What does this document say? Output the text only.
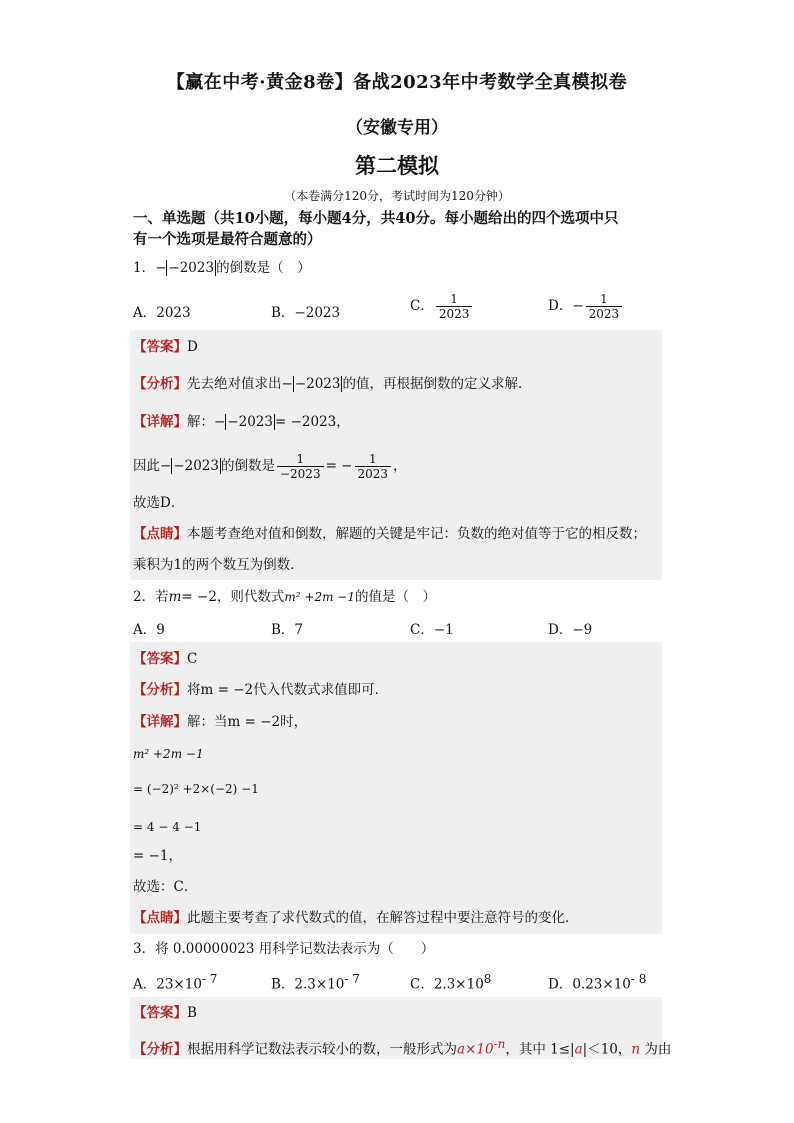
【赢在中考·黄金8卷】备战2023年中考数学全真模拟卷
（安徽专用）
第二模拟
（本卷满分120分，考试时间为120分钟）
一、单选题（共10小题，每小题4分，共40分。每小题给出的四个选项中只
有一个选项是最符合题意的）
1．− −2023 的倒数是（　）
A．2023	B．−2023	C． $\frac{1}{2023}$	D．− $\frac{1}{2023}$
【答案】D
【分析】先去绝对值求出− −2023 的值，再根据倒数的定义求解．
【详解】解：− −2023 = −2023，
因此− −2023 的倒数是 $\frac{1}{-2023}$ = − $\frac{1}{2023}$ ，
故选D．
【点睛】本题考查绝对值和倒数，解题的关键是牢记：负数的绝对值等于它的相反数；
乘积为1的两个数互为倒数．
2．若m= −2，则代数式m² +2m −1的值是（　）
A．9	B．7	C．−1	D．−9
【答案】C
【分析】将m = −2代入代数式求值即可．
【详解】解：当m = −2时，
m² +2m −1
= (−2)² +2×(−2) −1
= 4 − 4 −1
= −1，
故选：C．
【点睛】此题主要考查了求代数式的值，在解答过程中要注意符号的变化．
3．将 0.00000023 用科学记数法表示为（　　）
A．$23\times 10^{- 7}$	B．$2.3\times 10^{- 7}$	C．$2.3\times 10^8$	D．$0.23\times 10^{- 8}$
【答案】B
【分析】根据用科学记数法表示较小的数，一般形式为$a\times 10^{-n}$，其中 1≤|a|＜10，n 为由
